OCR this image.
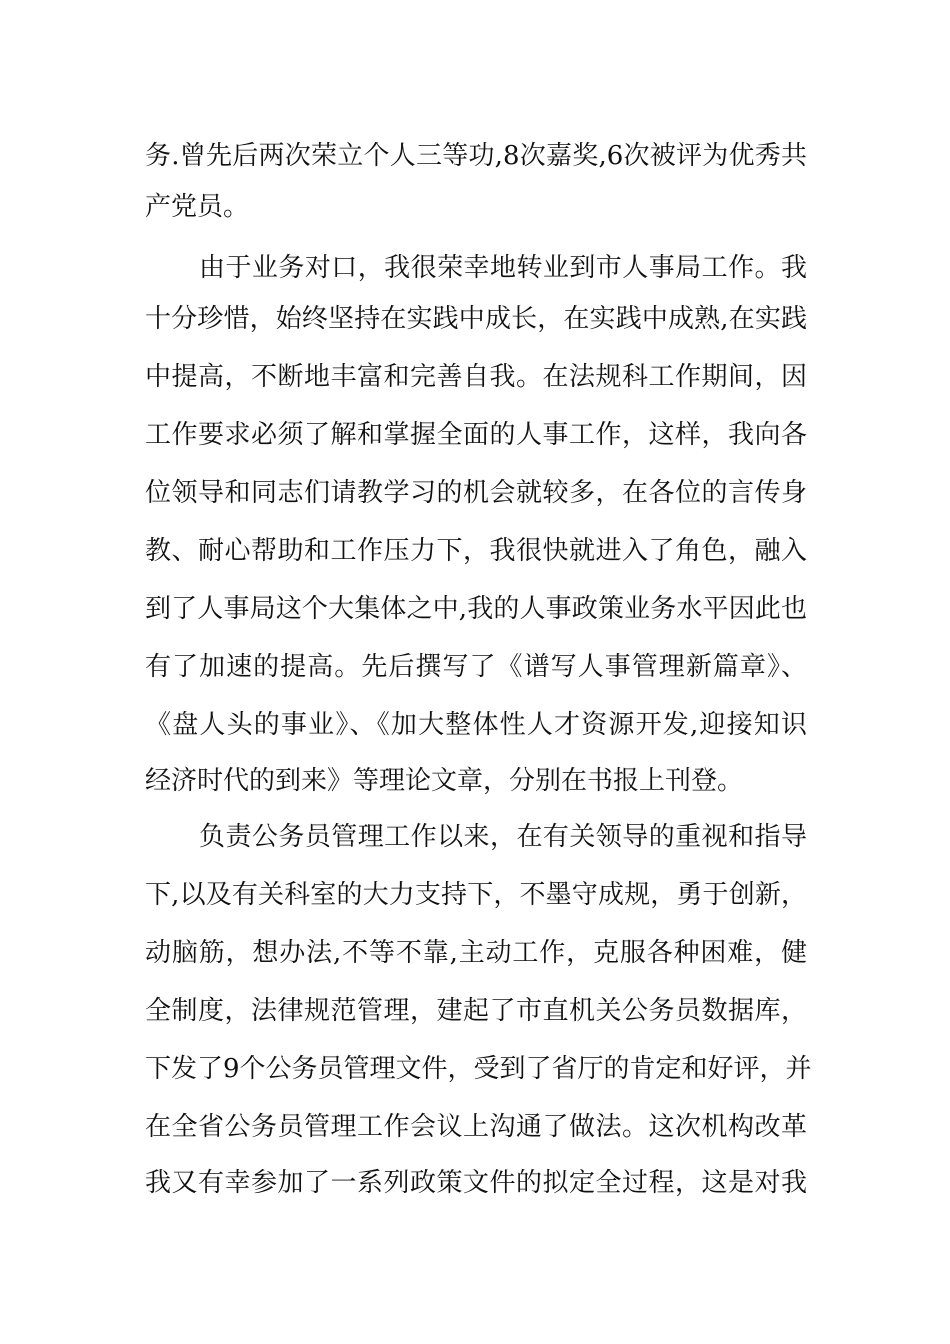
务.曾先后两次荣立个人三等功,8次嘉奖,6次被评为优秀共
产党员。
由于业务对口，我很荣幸地转业到市人事局工作。我
十分珍惜，始终坚持在实践中成长，在实践中成熟,在实践
中提高，不断地丰富和完善自我。在法规科工作期间，因
工作要求必须了解和掌握全面的人事工作，这样，我向各
位领导和同志们请教学习的机会就较多，在各位的言传身
教、耐心帮助和工作压力下，我很快就进入了角色，融入
到了人事局这个大集体之中,我的人事政策业务水平因此也
有了加速的提高。先后撰写了《谱写人事管理新篇章》、
《盘人头的事业》、《加大整体性人才资源开发,迎接知识
经济时代的到来》等理论文章，分别在书报上刊登。
负责公务员管理工作以来，在有关领导的重视和指导
下,以及有关科室的大力支持下，不墨守成规，勇于创新，
动脑筋，想办法,不等不靠,主动工作，克服各种困难，健
全制度，法律规范管理，建起了市直机关公务员数据库，
下发了9个公务员管理文件，受到了省厅的肯定和好评，并
在全省公务员管理工作会议上沟通了做法。这次机构改革
我又有幸参加了一系列政策文件的拟定全过程，这是对我
